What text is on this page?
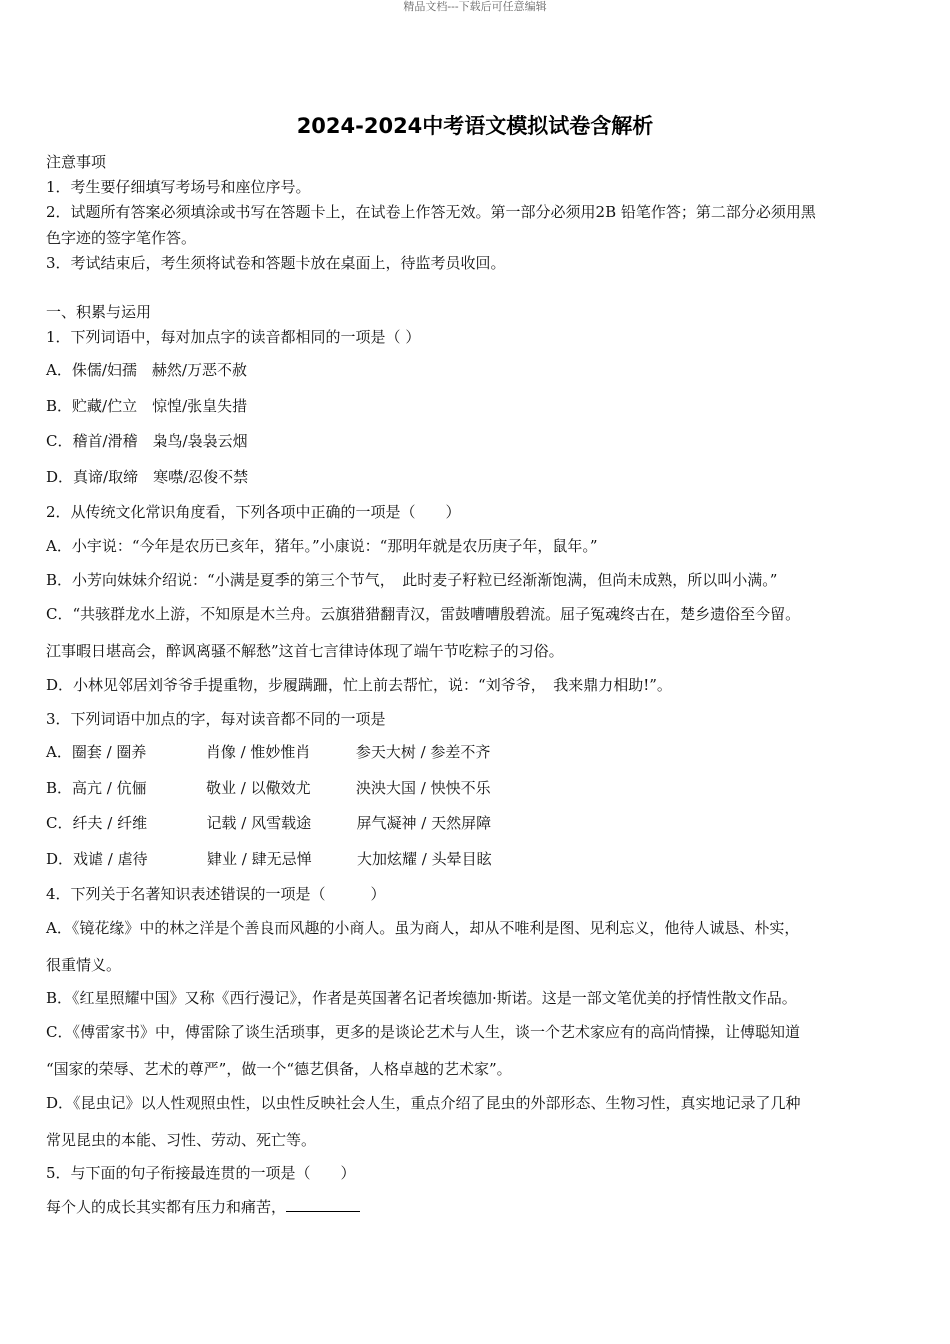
精品文档---下载后可任意编辑
2024-2024中考语文模拟试卷含解析
注意事项
1．考生要仔细填写考场号和座位序号。
2．试题所有答案必须填涂或书写在答题卡上，在试卷上作答无效。第一部分必须用2B 铅笔作答；第二部分必须用黑
色字迹的签字笔作答。
3．考试结束后，考生须将试卷和答题卡放在桌面上，待监考员收回。
一、积累与运用
1．下列词语中，每对加点字的读音都相同的一项是（ ）
A．侏儒/妇孺　赫然/万恶不赦
B．贮藏/伫立　惊惶/张皇失措
C．稽首/滑稽　枭鸟/袅袅云烟
D．真谛/取缔　寒噤/忍俊不禁
2．从传统文化常识角度看，下列各项中正确的一项是（　　）
A．小宇说：“今年是农历已亥年，猪年。”小康说：“那明年就是农历庚子年，鼠年。”
B．小芳向妹妹介绍说：“小满是夏季的第三个节气，　此时麦子籽粒已经渐渐饱满，但尚未成熟，所以叫小满。”
C．“共骇群龙水上游，不知原是木兰舟。云旗猎猎翻青汉，雷鼓嘈嘈殷碧流。屈子冤魂终古在，楚乡遗俗至今留。
江事暇日堪高会，醉讽离骚不解愁”这首七言律诗体现了端午节吃粽子的习俗。
D．小林见邻居刘爷爷手提重物，步履蹒跚，忙上前去帮忙，说：“刘爷爷，　我来鼎力相助!”。
3．下列词语中加点的字，每对读音都不同的一项是
A．圈套 / 圈养	肖像 / 惟妙惟肖	参天大树 / 参差不齐
B．高亢 / 伉俪	敬业 / 以儆效尤	泱泱大国 / 怏怏不乐
C．纤夫 / 纤维	记载 / 风雪载途	屏气凝神 / 天然屏障
D．戏谑 / 虐待	肄业 / 肆无忌惮	大加炫耀 / 头晕目眩
4．下列关于名著知识表述错误的一项是（　　　）
A．《镜花缘》中的林之洋是个善良而风趣的小商人。虽为商人，却从不唯利是图、见利忘义，他待人诚恳、朴实，
很重情义。
B．《红星照耀中国》又称《西行漫记》，作者是英国著名记者埃德加·斯诺。这是一部文笔优美的抒情性散文作品。
C．《傅雷家书》中，傅雷除了谈生活琐事，更多的是谈论艺术与人生，谈一个艺术家应有的高尚情操，让傅聪知道
“国家的荣辱、艺术的尊严”，做一个“德艺俱备，人格卓越的艺术家”。
D．《昆虫记》以人性观照虫性，以虫性反映社会人生，重点介绍了昆虫的外部形态、生物习性，真实地记录了几种
常见昆虫的本能、习性、劳动、死亡等。
5．与下面的句子衔接最连贯的一项是（　　）
每个人的成长其实都有压力和痛苦，
